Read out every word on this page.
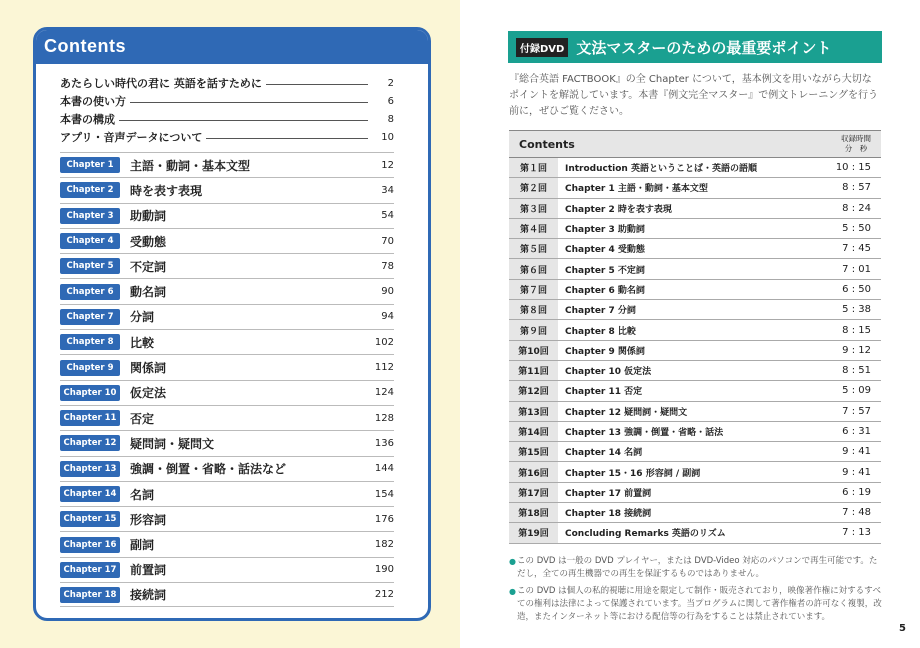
Contents
あたらしい時代の君に 英語を話すために	2
本書の使い方	6
本書の構成	8
アプリ・音声データについて	10
Chapter 1	主語・動詞・基本文型	12
Chapter 2	時を表す表現	34
Chapter 3	助動詞	54
Chapter 4	受動態	70
Chapter 5	不定詞	78
Chapter 6	動名詞	90
Chapter 7	分詞	94
Chapter 8	比較	102
Chapter 9	関係詞	112
Chapter 10	仮定法	124
Chapter 11	否定	128
Chapter 12	疑問詞・疑問文	136
Chapter 13	強調・倒置・省略・話法など	144
Chapter 14	名詞	154
Chapter 15	形容詞	176
Chapter 16	副詞	182
Chapter 17	前置詞	190
Chapter 18	接続詞	212
付録DVD 文法マスターのための最重要ポイント
『総合英語 FACTBOOK』の全 Chapter について，基本例文を用いながら大切なポイントを解説しています。本書『例文完全マスター』で例文トレーニングを行う前に，ぜひご覧ください。
Contents	収録時間
分　秒
第１回	Introduction 英語ということば・英語の語順	10 : 15
第２回	Chapter 1 主語・動詞・基本文型	8 : 57
第３回	Chapter 2 時を表す表現	8 : 24
第４回	Chapter 3 助動詞	5 : 50
第５回	Chapter 4 受動態	7 : 45
第６回	Chapter 5 不定詞	7 : 01
第７回	Chapter 6 動名詞	6 : 50
第８回	Chapter 7 分詞	5 : 38
第９回	Chapter 8 比較	8 : 15
第10回	Chapter 9 関係詞	9 : 12
第11回	Chapter 10 仮定法	8 : 51
第12回	Chapter 11 否定	5 : 09
第13回	Chapter 12 疑問詞・疑問文	7 : 57
第14回	Chapter 13 強調・倒置・省略・話法	6 : 31
第15回	Chapter 14 名詞	9 : 41
第16回	Chapter 15・16 形容詞 / 副詞	9 : 41
第17回	Chapter 17 前置詞	6 : 19
第18回	Chapter 18 接続詞	7 : 48
第19回	Concluding Remarks 英語のリズム	7 : 13
● この DVD は一般の DVD プレイヤー，または DVD-Video 対応のパソコンで再生可能です。ただし，全ての再生機器での再生を保証するものではありません。
● この DVD は個人の私的視聴に用途を限定して制作・販売されており，映像著作権に対するすべての権利は法律によって保護されています。当プログラムに関して著作権者の許可なく複製，改造，またインターネット等における配信等の行為をすることは禁止されています。
5
